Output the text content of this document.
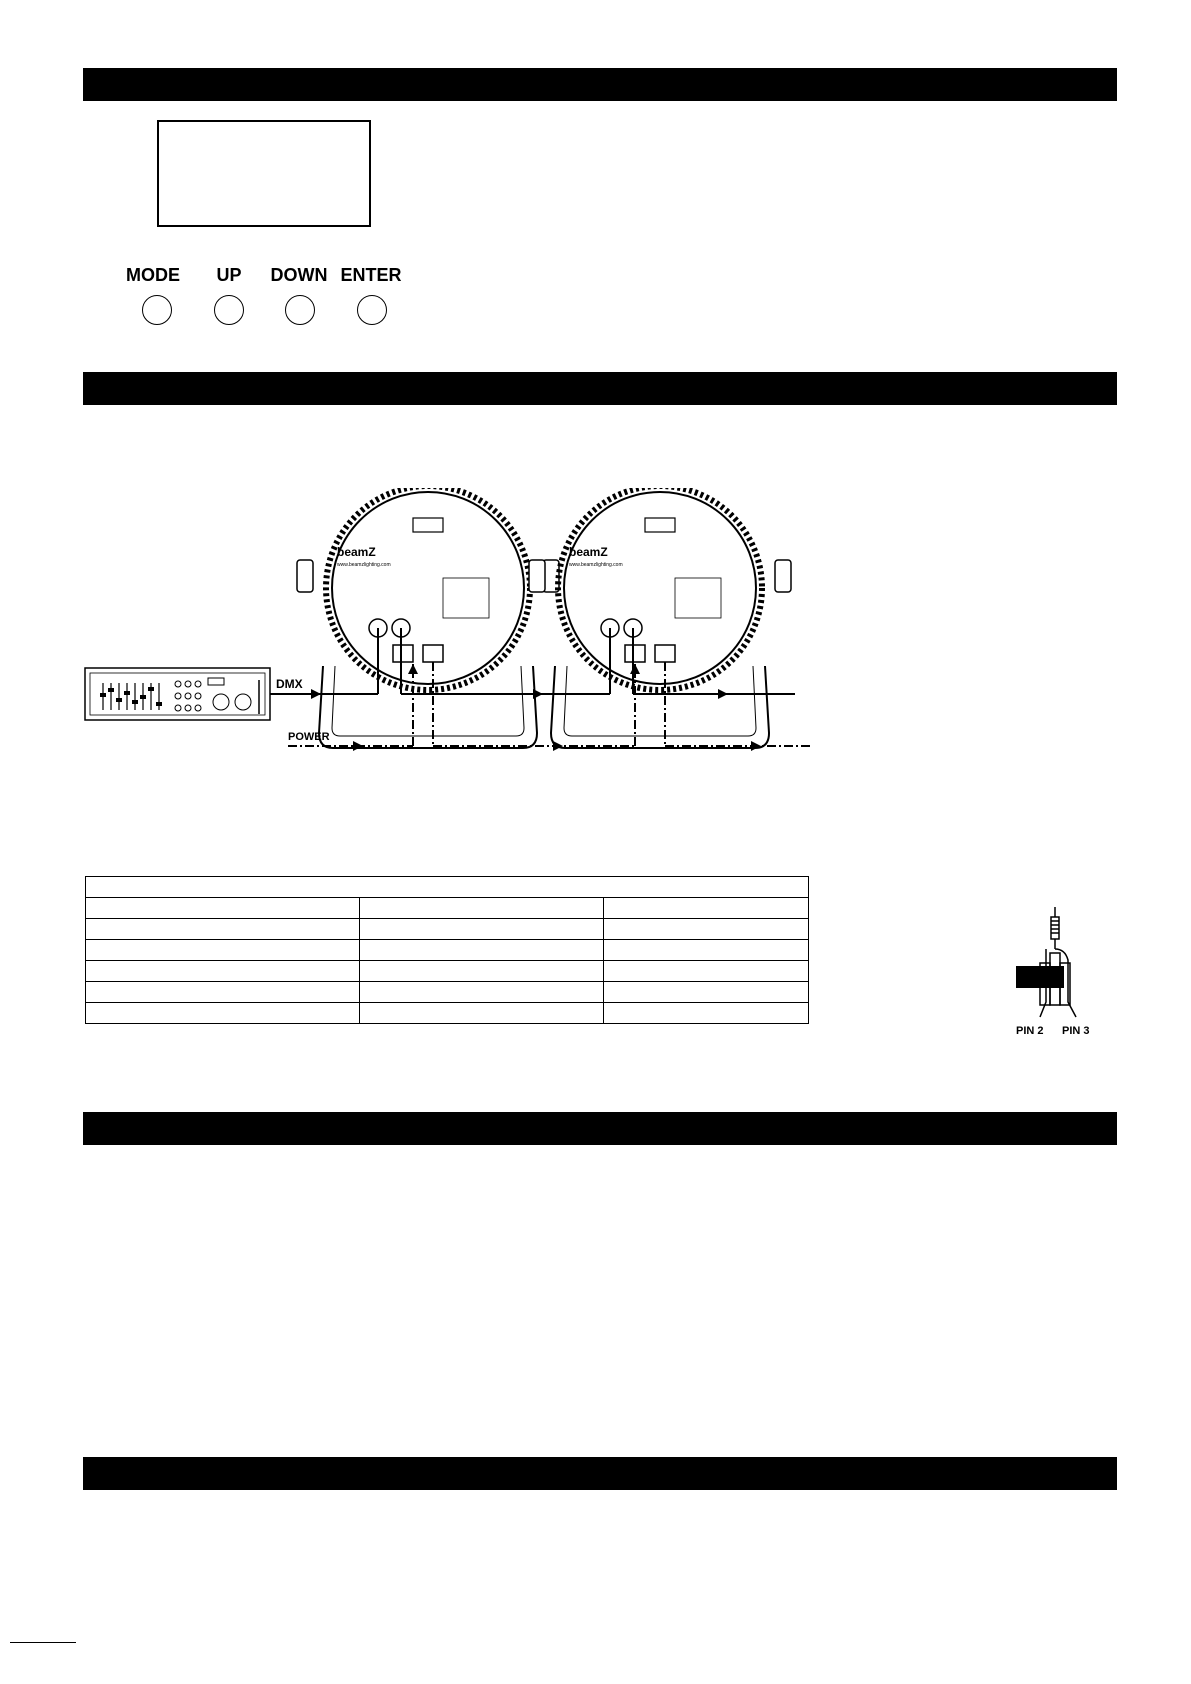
MODE	UP	DOWN ENTER
beamZ
www.beamzlighting.com
beamZ
www.beamzlighting.com
DMX
POWER

PIN 2 PIN 3
